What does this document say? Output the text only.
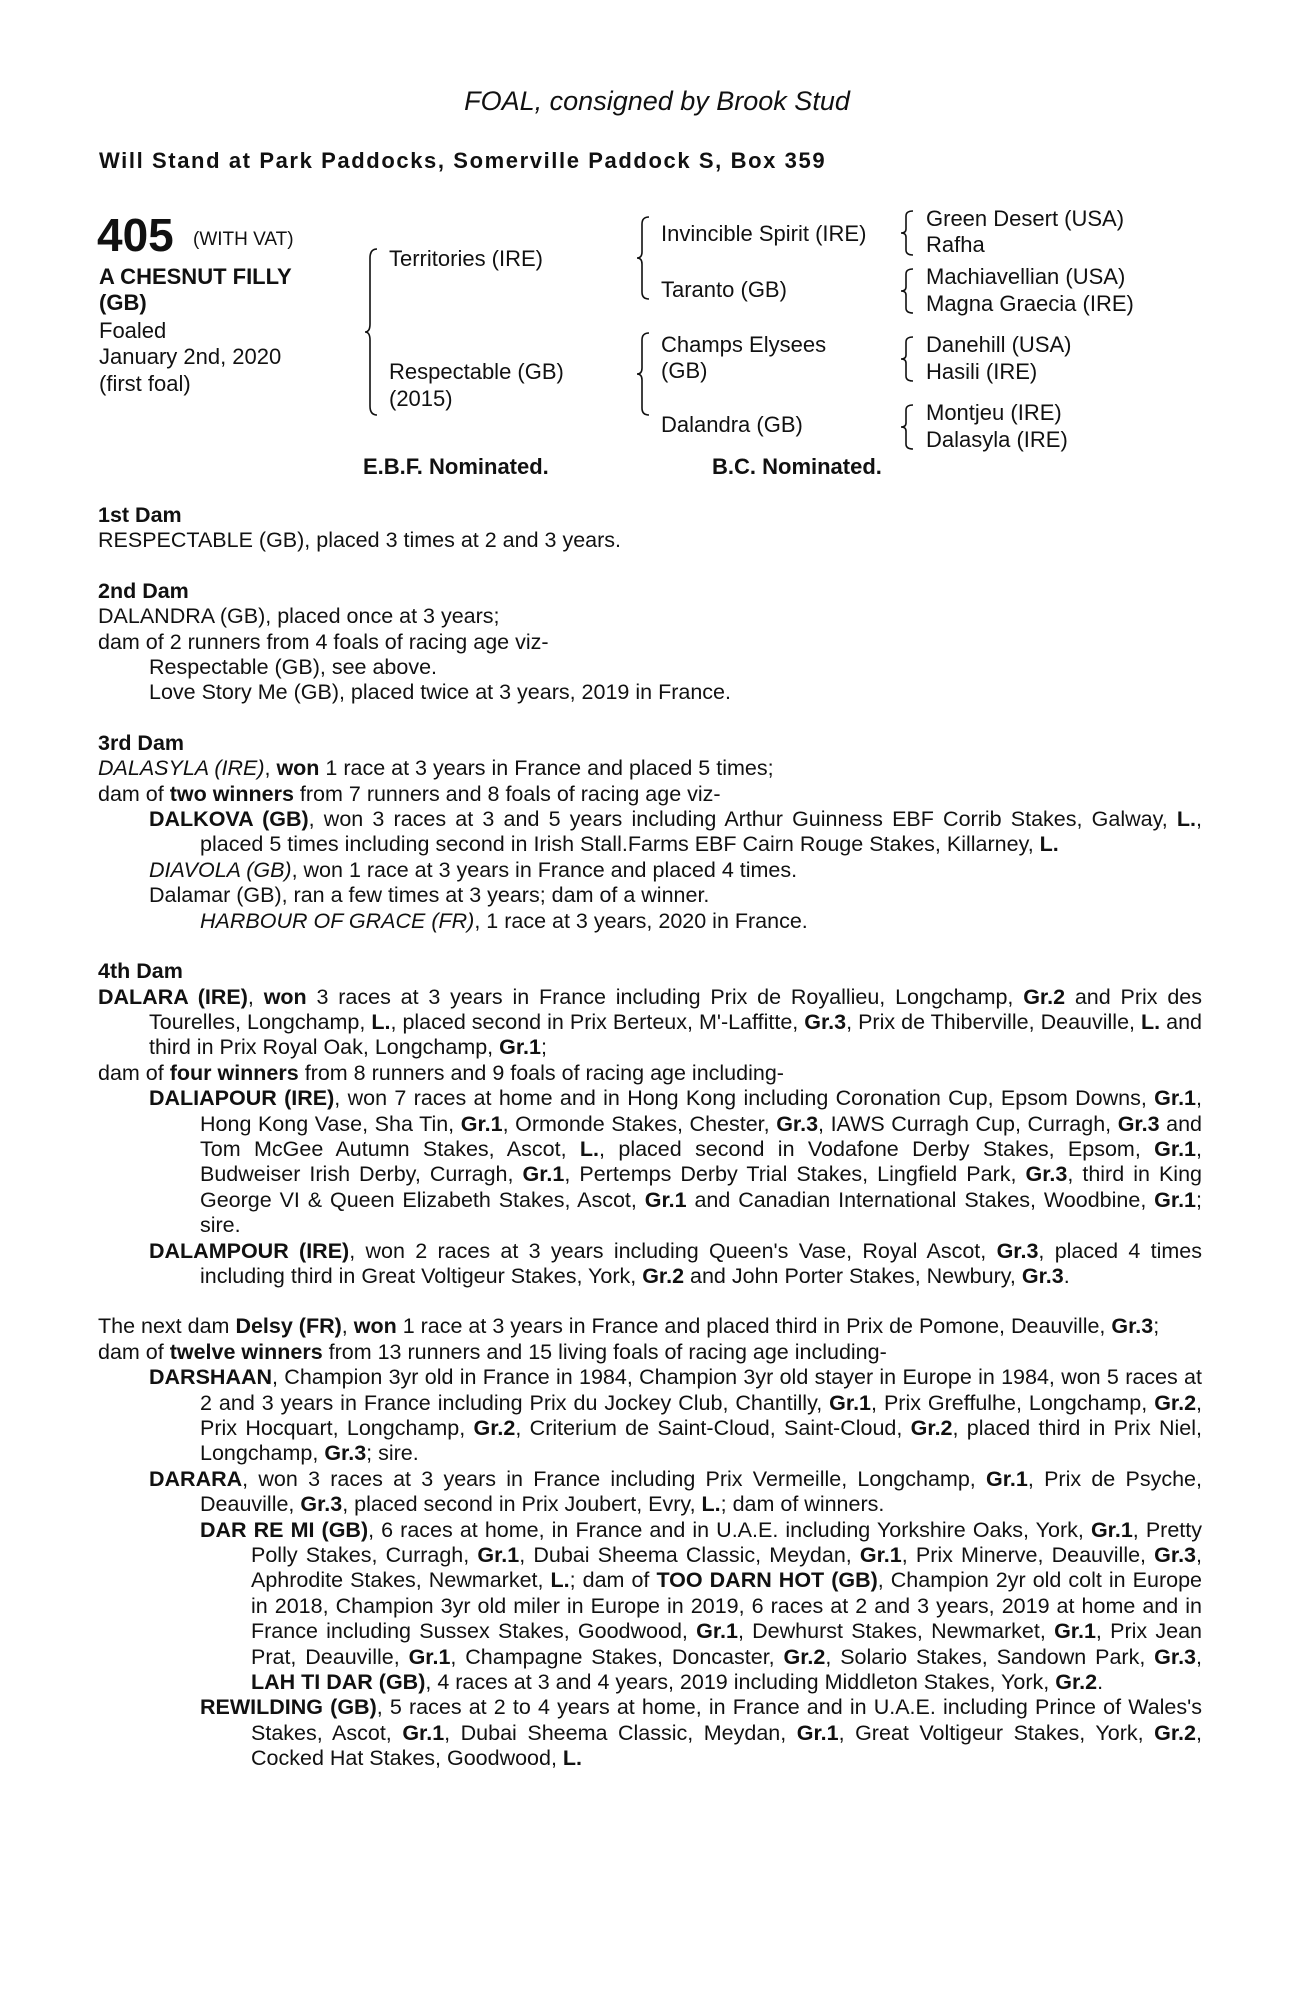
FOAL, consigned by Brook Stud
Will Stand at Park Paddocks, Somerville Paddock S, Box 359
405 (WITH VAT)
A CHESNUT FILLY
(GB)
Foaled
January 2nd, 2020
(first foal)
Territories (IRE)
Respectable (GB)
(2015)
Invincible Spirit (IRE)
Taranto (GB)
Champs Elysees
(GB)
Dalandra (GB)
Green Desert (USA)
Rafha
Machiavellian (USA)
Magna Graecia (IRE)
Danehill (USA)
Hasili (IRE)
Montjeu (IRE)
Dalasyla (IRE)
E.B.F. Nominated.	B.C. Nominated.
1st Dam

RESPECTABLE (GB), placed 3 times at 2 and 3 years.

2nd Dam

DALANDRA (GB), placed once at 3 years;

dam of 2 runners from 4 foals of racing age viz-

Respectable (GB), see above.

Love Story Me (GB), placed twice at 3 years, 2019 in France.

3rd Dam

DALASYLA (IRE), won 1 race at 3 years in France and placed 5 times;

dam of two winners from 7 runners and 8 foals of racing age viz-

DALKOVA (GB), won 3 races at 3 and 5 years including Arthur Guinness EBF Corrib Stakes, Galway, L., placed 5 times including second in Irish Stall.Farms EBF Cairn Rouge Stakes, Killarney, L.

DIAVOLA (GB), won 1 race at 3 years in France and placed 4 times.

Dalamar (GB), ran a few times at 3 years; dam of a winner.

HARBOUR OF GRACE (FR), 1 race at 3 years, 2020 in France.

4th Dam

DALARA (IRE), won 3 races at 3 years in France including Prix de Royallieu, Longchamp, Gr.2 and Prix des Tourelles, Longchamp, L., placed second in Prix Berteux, M'-Laffitte, Gr.3, Prix de Thiberville, Deauville, L. and third in Prix Royal Oak, Longchamp, Gr.1;

dam of four winners from 8 runners and 9 foals of racing age including-

DALIAPOUR (IRE), won 7 races at home and in Hong Kong including Coronation Cup, Epsom Downs, Gr.1, Hong Kong Vase, Sha Tin, Gr.1, Ormonde Stakes, Chester, Gr.3, IAWS Curragh Cup, Curragh, Gr.3 and Tom McGee Autumn Stakes, Ascot, L., placed second in Vodafone Derby Stakes, Epsom, Gr.1, Budweiser Irish Derby, Curragh, Gr.1, Pertemps Derby Trial Stakes, Lingfield Park, Gr.3, third in King George VI & Queen Elizabeth Stakes, Ascot, Gr.1 and Canadian International Stakes, Woodbine, Gr.1; sire.

DALAMPOUR (IRE), won 2 races at 3 years including Queen's Vase, Royal Ascot, Gr.3, placed 4 times including third in Great Voltigeur Stakes, York, Gr.2 and John Porter Stakes, Newbury, Gr.3.

The next dam Delsy (FR), won 1 race at 3 years in France and placed third in Prix de Pomone, Deauville, Gr.3;

dam of twelve winners from 13 runners and 15 living foals of racing age including-

DARSHAAN, Champion 3yr old in France in 1984, Champion 3yr old stayer in Europe in 1984, won 5 races at 2 and 3 years in France including Prix du Jockey Club, Chantilly, Gr.1, Prix Greffulhe, Longchamp, Gr.2, Prix Hocquart, Longchamp, Gr.2, Criterium de Saint-Cloud, Saint-Cloud, Gr.2, placed third in Prix Niel, Longchamp, Gr.3; sire.

DARARA, won 3 races at 3 years in France including Prix Vermeille, Longchamp, Gr.1, Prix de Psyche, Deauville, Gr.3, placed second in Prix Joubert, Evry, L.; dam of winners.

DAR RE MI (GB), 6 races at home, in France and in U.A.E. including Yorkshire Oaks, York, Gr.1, Pretty Polly Stakes, Curragh, Gr.1, Dubai Sheema Classic, Meydan, Gr.1, Prix Minerve, Deauville, Gr.3, Aphrodite Stakes, Newmarket, L.; dam of TOO DARN HOT (GB), Champion 2yr old colt in Europe in 2018, Champion 3yr old miler in Europe in 2019, 6 races at 2 and 3 years, 2019 at home and in France including Sussex Stakes, Goodwood, Gr.1, Dewhurst Stakes, Newmarket, Gr.1, Prix Jean Prat, Deauville, Gr.1, Champagne Stakes, Doncaster, Gr.2, Solario Stakes, Sandown Park, Gr.3, LAH TI DAR (GB), 4 races at 3 and 4 years, 2019 including Middleton Stakes, York, Gr.2.

REWILDING (GB), 5 races at 2 to 4 years at home, in France and in U.A.E. including Prince of Wales's Stakes, Ascot, Gr.1, Dubai Sheema Classic, Meydan, Gr.1, Great Voltigeur Stakes, York, Gr.2, Cocked Hat Stakes, Goodwood, L.
